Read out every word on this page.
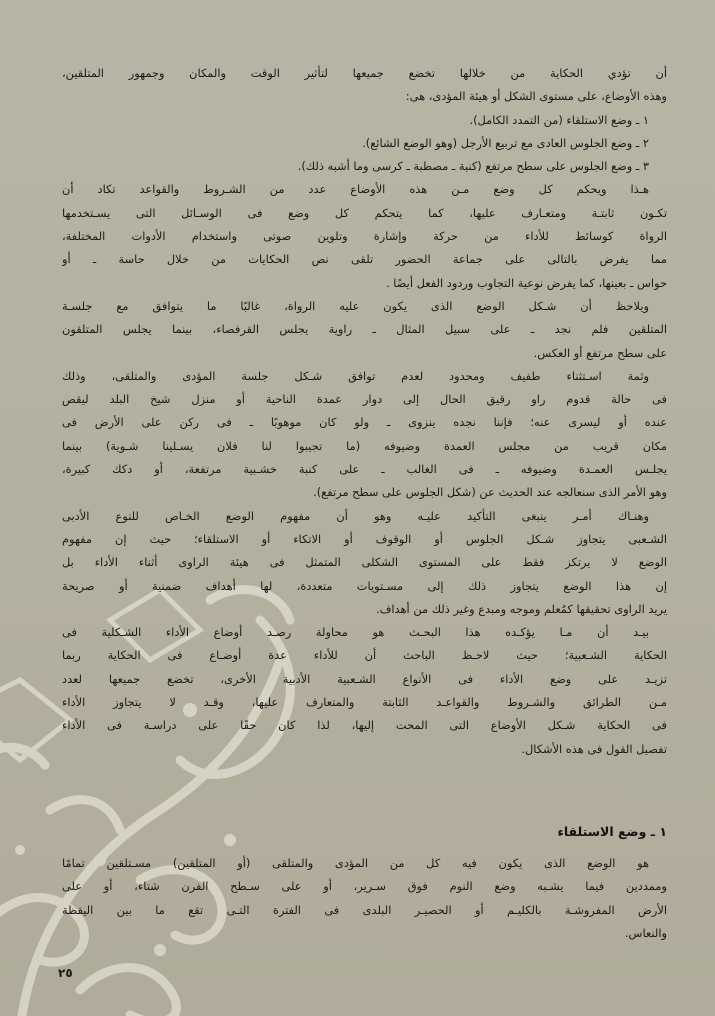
أن تؤدي الحكاية من خلالها تخضع جميعها لتأثير الوقت والمكان وجمهور المتلقين،
وهذه الأوضاع، على مستوى الشكل أو هيئة المؤدى، هى:
١ ـ وضع الاستلقاء (من التمدد الكامل).
٢ ـ وضع الجلوس العادى مع تربيع الأرجل (وهو الوضع الشائع).
٣ ـ وضع الجلوس على سطح مرتفع (كنبة ـ مصطبة ـ كرسى وما أشبه ذلك).
هـذا ويحكم كل وضع مـن هذه الأوضاع عدد من الشـروط والقواعد تكاد أن
تكـون ثابتـة ومتعـارف عليها، كما يتحكم كل وضع فى الوسـائل التى يسـتخدمها
الرواة كوسائط للأداء من حركة وإشارة وتلوين صوتى واستخدام الأدوات المختلفة،
مما يفرض بالتالى على جماعة الحضور تلقى نص الحكايات من خلال حاسة ـ أو
حواس ـ بعينها، كما يفرض نوعية التجاوب وردود الفعل أيضًا .
ويلاحظ أن شـكل الوضع الذى يكون عليه الرواة، غالبًا ما يتوافق مع جلسـة
المتلقين فلم نجد ـ على سبيل المثال ـ راوية يجلس القرفصاء، بينما يجلس المتلقون
على سطح مرتفع أو العكس.
وثمة اسـتثناء طفيف ومحدود لعدم توافق شـكل جلسة المؤدى والمتلقى، وذلك
فى حالة قدوم راو رقيق الحال إلى دوار عمدة الناحية أو منزل شيخ البلد ليقص
عنده أو ليسرى عنه؛ فإننا نجده ينزوى ـ ولو كان موهوبًا ـ فى ركن على الأرض فى
مكان قريب من مجلس العمدة وضيوفه (ما تجيبوا لنا فلان يسـلينا شـوية) بينما
يجلـس العمـدة وضيوفه ـ فى الغالب ـ على كنبة خشـبية مرتفعة، أو دكك كبيرة،
وهو الأمر الذى سنعالجه عند الحديث عن (شكل الجلوس على سطح مرتفع).
وهنـاك أمـر ينبغى التأكيد عليـه وهو أن مفهوم الوضع الخـاص للنوع الأدبى
الشـعبى يتجاوز شـكل الجلوس أو الوقوف أو الاتكاء أو الاستلقاء؛ حيث إن مفهوم
الوضع لا يرتكز فقط على المستوى الشكلى المتمثل فى هيئة الراوى أثناء الأداء بل
إن هذا الوضع يتجاوز ذلك إلى مسـتويات متعددة، لها أهداف ضمنية أو صريحة
يريد الراوى تحقيقها كمُعلم وموجه ومبدع وغير ذلك من أهداف.
بيـد أن مـا يؤكـده هذا البحـث هو محاولة رصـد أوضاع الأداء الشـكلية فى
الحكاية الشـعبية؛ حيث لاحـظ الباحث أن للأداء عدة أوضـاع فى الحكاية ربما
تزيـد على وضع الأداء فى الأنواع الشـعبية الأدبية الأخرى، تخضع جميعها لعدد
مـن الطرائق والشـروط والقواعـد الثابتة والمتعارف عليها، وقـد لا يتجاوز الأداء
فى الحكاية شـكل الأوضاع التى المحت إليها، لذا كان حقًا على دراسـة فى الأداء
تفصيل القول فى هذه الأشكال.
١ ـ وضع الاستلقاء
هو الوضع الذى يكون فيه كل من المؤدى والمتلقى (أو المتلقين) مسـتلقين تمامًا
وممددين فيما يشـبه وضع النوم فوق سـرير، أو على سـطح الفرن شتاء، أو على
الأرض المفروشـة بالكليـم أو الحصيـر البلدى فى الفترة التـى تقع ما بين اليقظة
والنعاس.
٢٥
